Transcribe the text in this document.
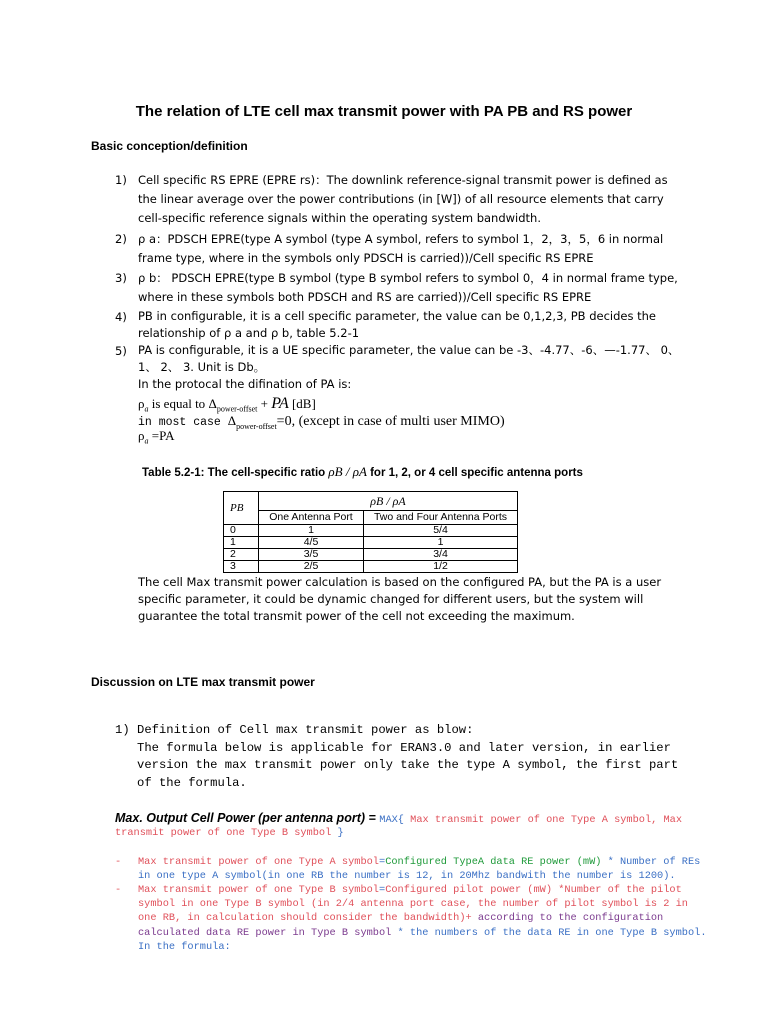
The relation of LTE cell max transmit power with PA PB and RS power
Basic conception/definition
1) Cell specific RS EPRE (EPRE rs)：The downlink reference-signal transmit power is defined as
the linear average over the power contributions (in [W]) of all resource elements that carry
cell-specific reference signals within the operating system bandwidth.
2) ρ a：PDSCH EPRE(type A symbol (type A symbol, refers to symbol 1，2，3，5，6 in normal
frame type, where in the symbols only PDSCH is carried))/Cell specific RS EPRE
3) ρ b： PDSCH EPRE(type B symbol (type B symbol refers to symbol 0，4 in normal frame type,
where in these symbols both PDSCH and RS are carried))/Cell specific RS EPRE
4) PB in configurable, it is a cell specific parameter, the value can be 0,1,2,3, PB decides the
relationship of ρ a and ρ b, table 5.2-1
5) PA is configurable, it is a UE specific parameter, the value can be -3、-4.77、-6、—-1.77、 0、
1、 2、 3. Unit is Db。
In the protocal the difination of PA is:
$\rho_a$ is equal to $\Delta_{power-offset}$ + PA [dB]
in most case $\Delta_{power-offset}=0$, (except in case of multi user MIMO)
$\rho_a =PA$
Table 5.2-1: The cell-specific ratio ρB / ρA for 1, 2, or 4 cell specific antenna ports
PB	ρB / ρA	
	One Antenna Port	Two and Four Antenna Ports
0	1	5/4
1	4/5	1
2	3/5	3/4
3	2/5	1/2
The cell Max transmit power calculation is based on the configured PA, but the PA is a user
specific parameter, it could be dynamic changed for different users, but the system will
guarantee the total transmit power of the cell not exceeding the maximum.
Discussion on LTE max transmit power
1) Definition of Cell max transmit power as blow:
The formula below is applicable for ERAN3.0 and later version, in earlier
version the max transmit power only take the type A symbol, the first part
of the formula.
Max. Output Cell Power (per antenna port) = MAX{ Max transmit power of one Type A symbol, Max
transmit power of one Type B symbol }
- Max transmit power of one Type A symbol=Configured TypeA data RE power (mW) * Number of REs
in one type A symbol(in one RB the number is 12, in 20Mhz bandwith the number is 1200).
- Max transmit power of one Type B symbol=Configured pilot power (mW) *Number of the pilot
symbol in one Type B symbol (in 2/4 antenna port case, the number of pilot symbol is 2 in
one RB, in calculation should consider the bandwidth)+ according to the configuration
calculated data RE power in Type B symbol * the numbers of the data RE in one Type B symbol.
In the formula:
